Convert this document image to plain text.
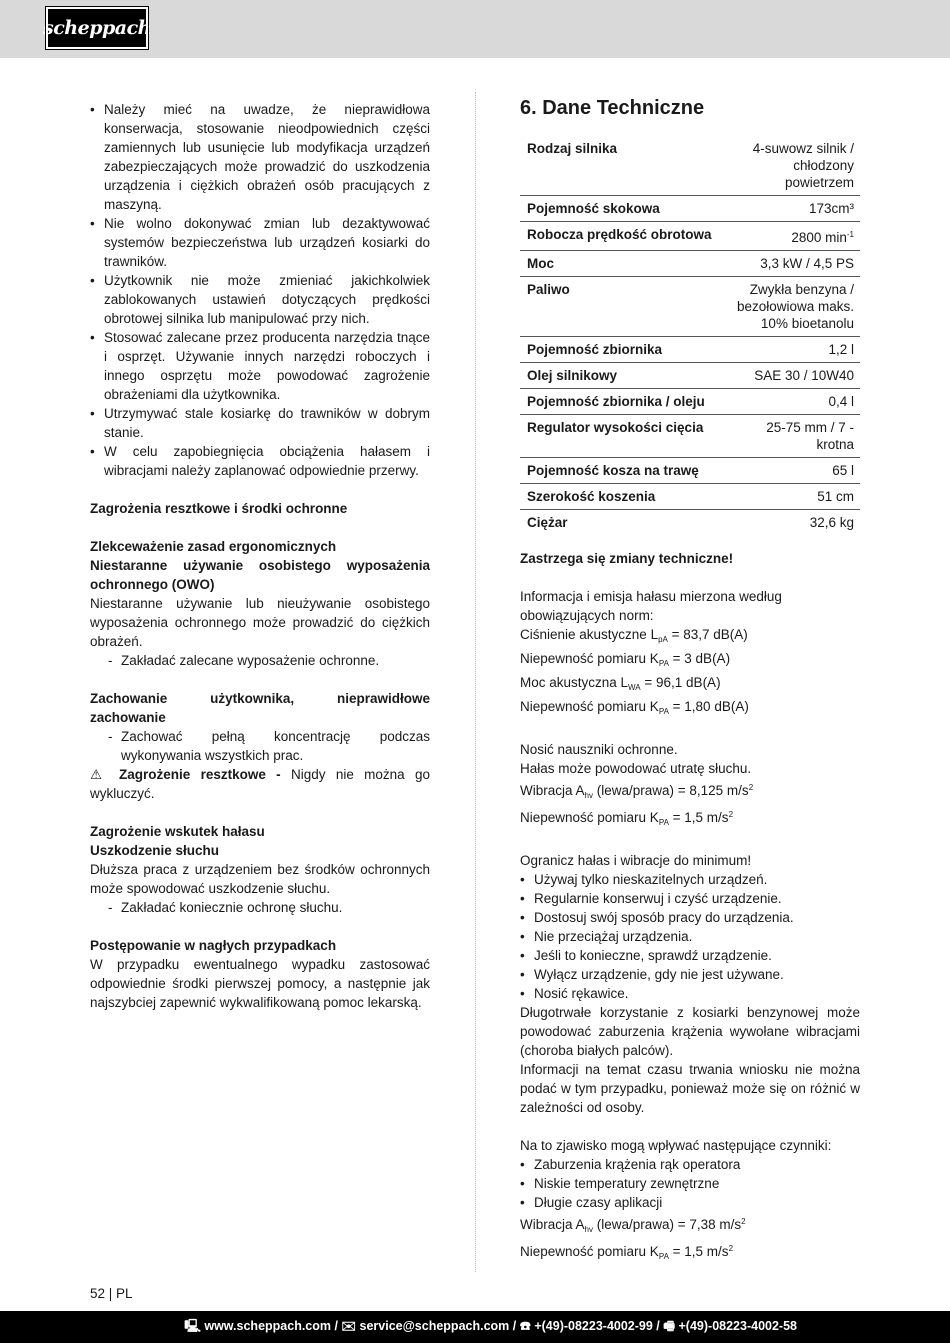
scheppach
• Należy mieć na uwadze, że nieprawidłowa konserwacja, stosowanie nieodpowiednich części zamiennych lub usunięcie lub modyfikacja urządzeń zabezpieczających może prowadzić do uszkodzenia urządzenia i ciężkich obrażeń osób pracujących z maszyną.
• Nie wolno dokonywać zmian lub dezaktywować systemów bezpieczeństwa lub urządzeń kosiarki do trawników.
• Użytkownik nie może zmieniać jakichkolwiek zablokowanych ustawień dotyczących prędkości obrotowej silnika lub manipulować przy nich.
• Stosować zalecane przez producenta narzędzia tnące i osprzęt. Używanie innych narzędzi roboczych i innego osprzętu może powodować zagrożenie obrażeniami dla użytkownika.
• Utrzymywać stale kosiarkę do trawników w dobrym stanie.
• W celu zapobiegnięcia obciążenia hałasem i wibracjami należy zaplanować odpowiednie przerwy.
Zagrożenia resztkowe i środki ochronne
Zlekceważenie zasad ergonomicznych
Niestaranne używanie osobistego wyposażenia ochronnego (OWO)
Niestaranne używanie lub nieużywanie osobistego wyposażenia ochronnego może prowadzić do ciężkich obrażeń.
- Zakładać zalecane wyposażenie ochronne.
Zachowanie użytkownika, nieprawidłowe zachowanie
- Zachować pełną koncentrację podczas wykonywania wszystkich prac.
⚠ Zagrożenie resztkowe - Nigdy nie można go wykluczyć.
Zagrożenie wskutek hałasu
Uszkodzenie słuchu
Dłuższa praca z urządzeniem bez środków ochronnych może spowodować uszkodzenie słuchu.
- Zakładać koniecznie ochronę słuchu.
Postępowanie w nagłych przypadkach
W przypadku ewentualnego wypadku zastosować odpowiednie środki pierwszej pomocy, a następnie jak najszybciej zapewnić wykwalifikowaną pomoc lekarską.
6. Dane Techniczne
Rodzaj silnika	4-suwowz silnik / chłodzony powietrzem
Pojemność skokowa	173cm³
Robocza prędkość obrotowa	2800 $\min^{-1}$
Moc	3,3 kW / 4,5 PS
Paliwo	Zwykła benzyna / bezołowiowa maks. 10% bioetanolu
Pojemność zbiornika	1,2 l
Olej silnikowy	SAE 30 / 10W40
Pojemność zbiornika / oleju	0,4 l
Regulator wysokości cięcia	25-75 mm / 7 - krotna
Pojemność kosza na trawę	65 l
Szerokość koszenia	51 cm
Ciężar	32,6 kg
Zastrzega się zmiany techniczne!
Informacja i emisja hałasu mierzona według obowiązujących norm:
Ciśnienie akustyczne $L_{pA} = 83,7$ dB(A)
Niepewność pomiaru $K_{PA} = 3$ dB(A)
Moc akustyczna $L_{WA} = 96,1$ dB(A)
Niepewność pomiaru $K_{PA} = 1,80$ dB(A)
Nosić nauszniki ochronne.
Hałas może powodować utratę słuchu.
Wibracja $A_{hv}$ (lewa/prawa) = 8,125 $m/s^2$
Niepewność pomiaru $K_{PA} = 1,5$ $m/s^2$
Ogranicz hałas i wibracje do minimum!
• Używaj tylko nieskazitelnych urządzeń.
• Regularnie konserwuj i czyść urządzenie.
• Dostosuj swój sposób pracy do urządzenia.
• Nie przeciążaj urządzenia.
• Jeśli to konieczne, sprawdź urządzenie.
• Wyłącz urządzenie, gdy nie jest używane.
• Nosić rękawice.
Długotrwałe korzystanie z kosiarki benzynowej może powodować zaburzenia krążenia wywołane wibracjami (choroba białych palców).
Informacji na temat czasu trwania wniosku nie można podać w tym przypadku, ponieważ może się on różnić w zależności od osoby.
Na to zjawisko mogą wpływać następujące czynniki:
• Zaburzenia krążenia rąk operatora
• Niskie temperatury zewnętrzne
• Długie czasy aplikacji
Wibracja $A_{hv}$ (lewa/prawa) = 7,38 $m/s^2$
Niepewność pomiaru $K_{PA} = 1,5$ $m/s^2$
52 | PL
🖳 www.scheppach.com / ✉ service@scheppach.com / ☎ +(49)-08223-4002-99 / 🖷 +(49)-08223-4002-58
